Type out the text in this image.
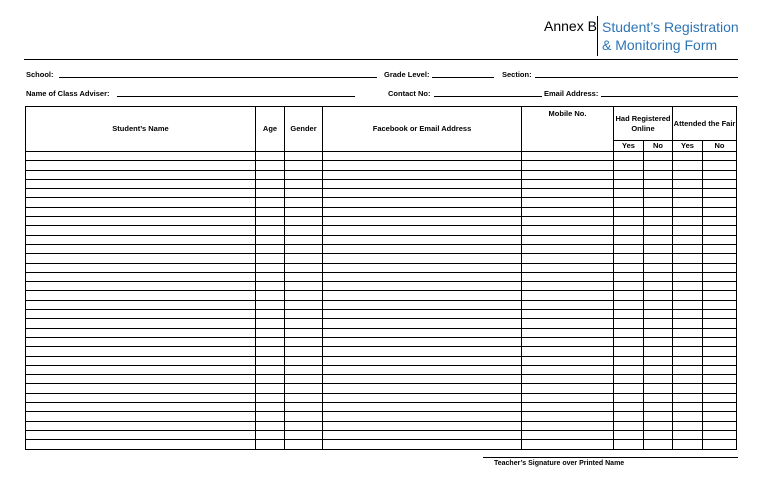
Annex B Student’s Registration
& Monitoring Form
School:	Grade Level:	Section:
Name of Class Adviser:	Contact No:	Email Address:
Student’s Name	Age	Gender	Facebook or Email Address	Mobile No.	Had Registered Online		Attended the Fair	
					Yes	No	Yes	No

Teacher’s Signature over Printed Name
